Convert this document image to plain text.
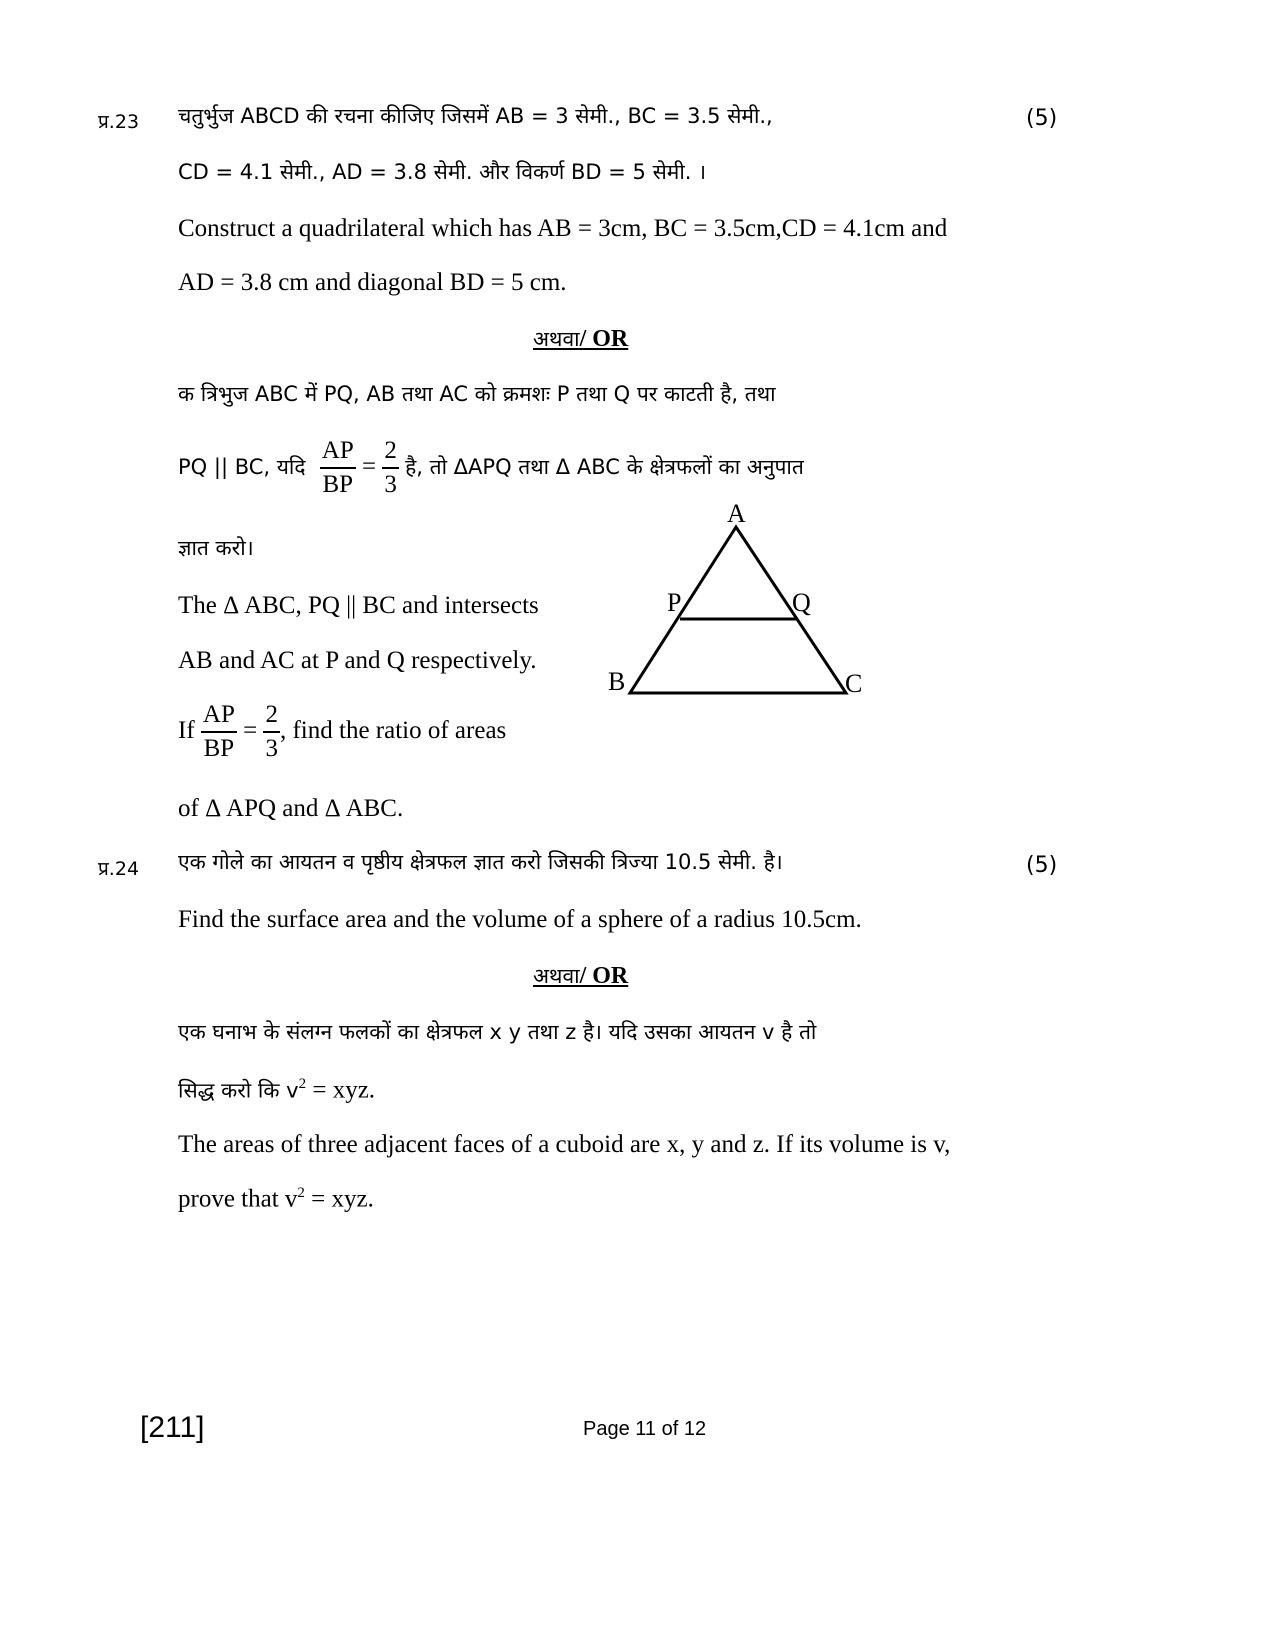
प्र.23	(5)
चतुर्भुज ABCD की रचना कीजिए जिसमें AB = 3 सेमी., BC = 3.5 सेमी.,
CD = 4.1 सेमी., AD = 3.8 सेमी. और विकर्ण BD = 5 सेमी. ।
Construct a quadrilateral which has AB = 3cm, BC = 3.5cm,CD = 4.1cm and
AD = 3.8 cm and diagonal BD = 5 cm.
अथवा/ OR
क त्रिभुज ABC में PQ, AB तथा AC को क्रमशः P तथा Q पर काटती है, तथा
PQ || BC, यदि $\frac{AP}{BP} = \frac{2}{3}$ है, तो ΔAPQ तथा Δ ABC के क्षेत्रफलों का अनुपात
ज्ञात करो।
The Δ ABC, PQ || BC and intersects
AB and AC at P and Q respectively.
If $\frac{AP}{BP} = \frac{2}{3}$ , find the ratio of areas
of Δ APQ and Δ ABC.
A
P	Q
B	C
प्र.24	(5)
एक गोले का आयतन व पृष्ठीय क्षेत्रफल ज्ञात करो जिसकी त्रिज्या 10.5 सेमी. है।
Find the surface area and the volume of a sphere of a radius 10.5cm.
अथवा/ OR
एक घनाभ के संलग्न फलकों का क्षेत्रफल x y तथा z है। यदि उसका आयतन v है तो
सिद्ध करो कि $v^2$ = xyz.
The areas of three adjacent faces of a cuboid are x, y and z. If its volume is v,
prove that $v^2$ = xyz.
[211]	Page 11 of 12
